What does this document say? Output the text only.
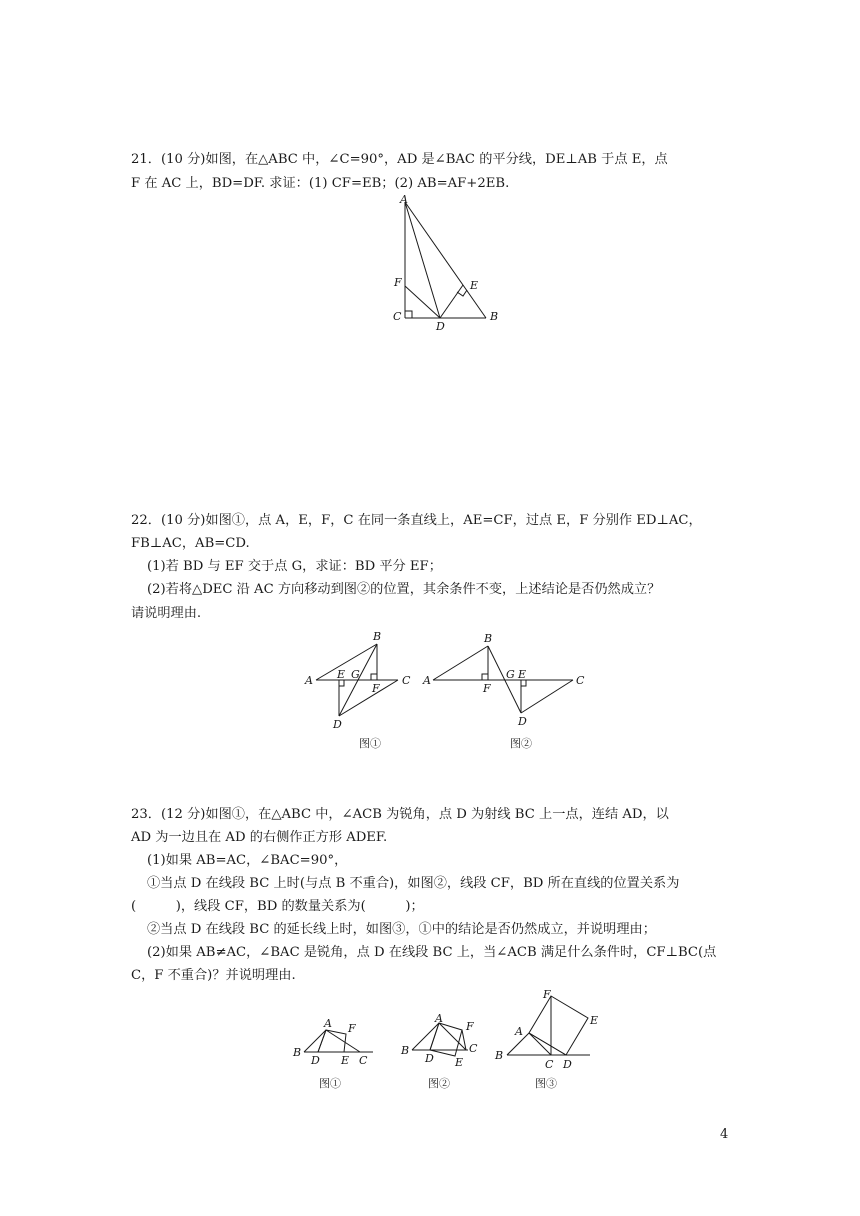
21．(10 分)如图，在△ABC 中，∠C=90°，AD 是∠BAC 的平分线，DE⊥AB 于点 E，点
F 在 AC 上，BD=DF. 求证：(1) CF=EB；(2) AB=AF+2EB.
A
B
C
D
E
F
22．(10 分)如图①，点 A，E，F，C 在同一条直线上，AE=CF，过点 E，F 分别作 ED⊥AC，
FB⊥AC，AB=CD.
(1)若 BD 与 EF 交于点 G，求证：BD 平分 EF；
(2)若将△DEC 沿 AC 方向移动到图②的位置，其余条件不变，上述结论是否仍然成立？
请说明理由.
A
B
C
D
E
F
G
图①
A
B
C
D
E
F
G
图②
23．(12 分)如图①，在△ABC 中，∠ACB 为锐角，点 D 为射线 BC 上一点，连结 AD，以
AD 为一边且在 AD 的右侧作正方形 ADEF.
(1)如果 AB=AC，∠BAC=90°，
①当点 D 在线段 BC 上时(与点 B 不重合)，如图②，线段 CF，BD 所在直线的位置关系为
(　　　)，线段 CF，BD 的数量关系为(　　　)；
②当点 D 在线段 BC 的延长线上时，如图③，①中的结论是否仍然成立，并说明理由；
(2)如果 AB≠AC，∠BAC 是锐角，点 D 在线段 BC 上，当∠ACB 满足什么条件时，CF⊥BC(点
C，F 不重合)？并说明理由.
A
B
C
D E
F
图①
A
B	C
D E
F
图②
A
B
C D
E
F
图③
4
